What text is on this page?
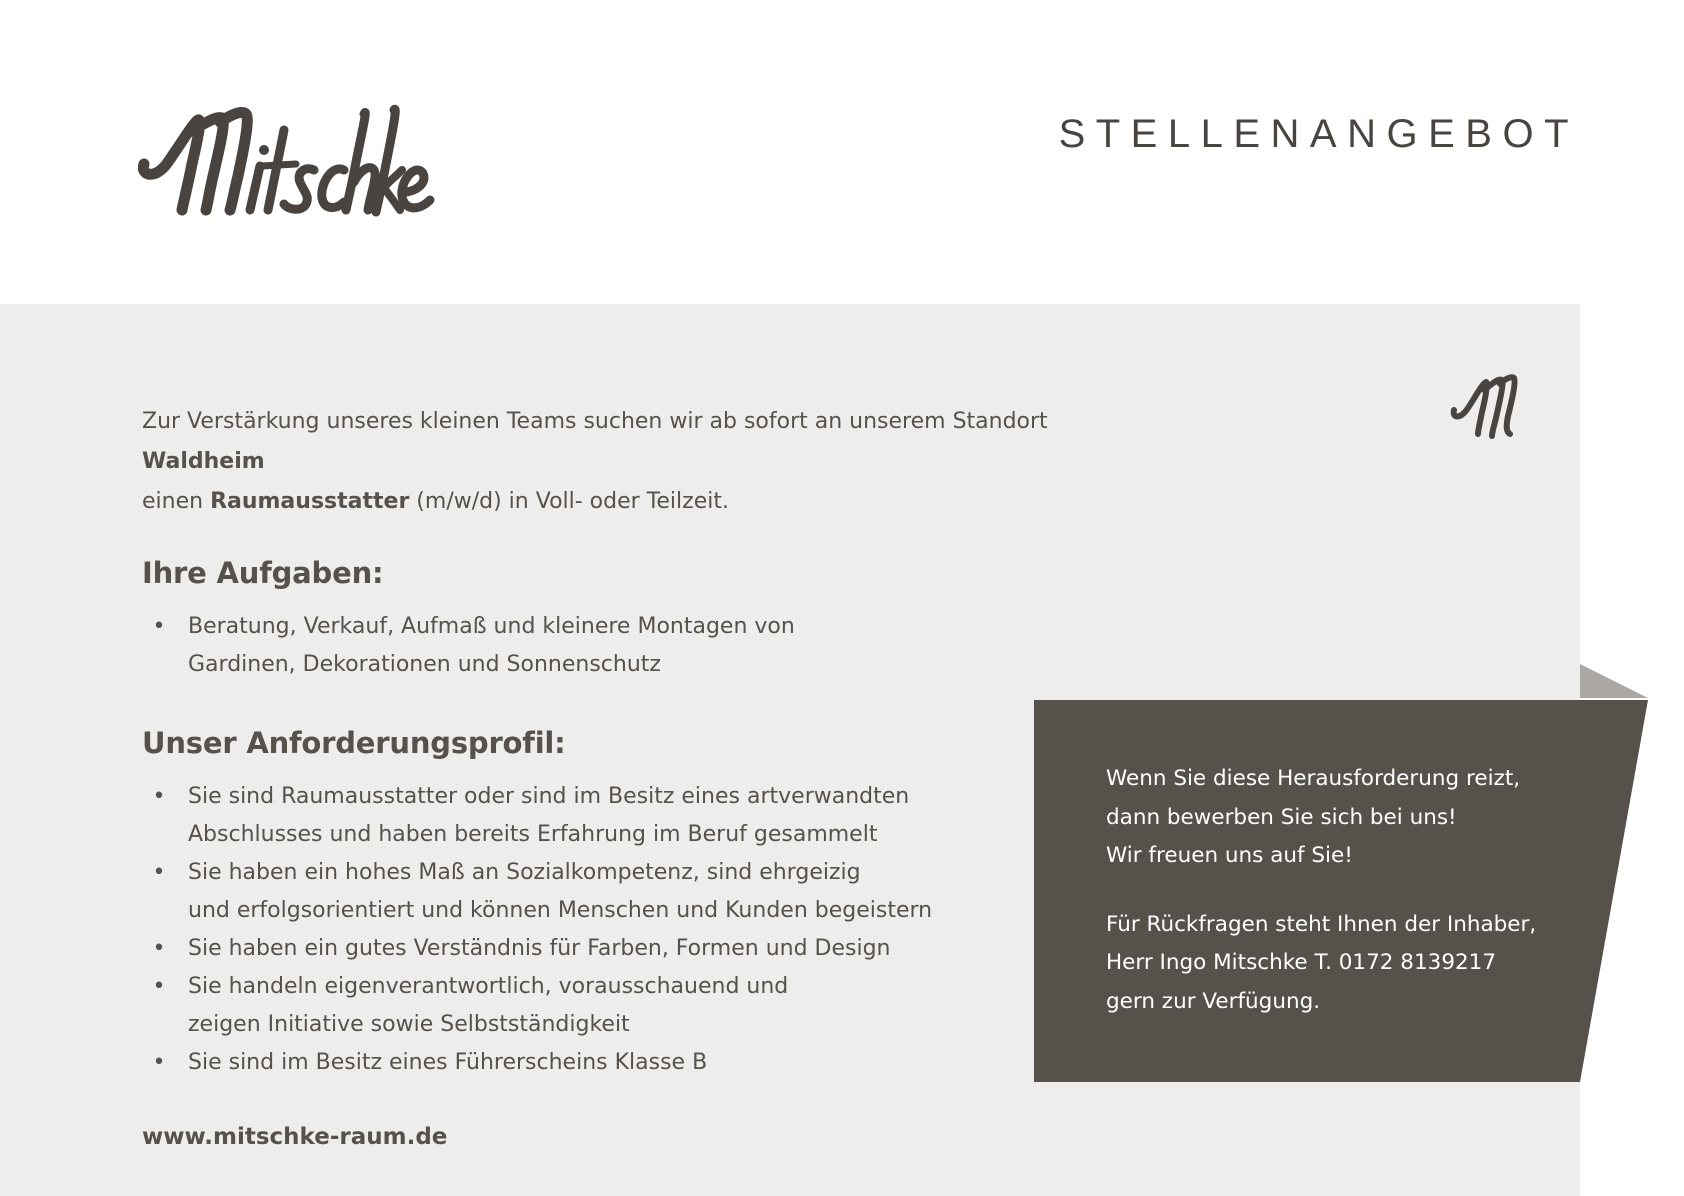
STELLENANGEBOT

Zur Verstärkung unseres kleinen Teams suchen wir ab sofort an unserem Standort Waldheim
einen Raumausstatter (m/w/d) in Voll- oder Teilzeit.

Ihre Aufgaben:
• Beratung, Verkauf, Aufmaß und kleinere Montagen von
Gardinen, Dekorationen und Sonnenschutz
Unser Anforderungsprofil:
• Sie sind Raumausstatter oder sind im Besitz eines artverwandten
Abschlusses und haben bereits Erfahrung im Beruf gesammelt
• Sie haben ein hohes Maß an Sozialkompetenz, sind ehrgeizig
und erfolgsorientiert und können Menschen und Kunden begeistern
• Sie haben ein gutes Verständnis für Farben, Formen und Design
• Sie handeln eigenverantwortlich, vorausschauend und
zeigen Initiative sowie Selbstständigkeit
• Sie sind im Besitz eines Führerscheins Klasse B
www.mitschke-raum.de

Wenn Sie diese Herausforderung reizt,
dann bewerben Sie sich bei uns!
Wir freuen uns auf Sie!

Für Rückfragen steht Ihnen der Inhaber,
Herr Ingo Mitschke T. 0172 8139217
gern zur Verfügung.
